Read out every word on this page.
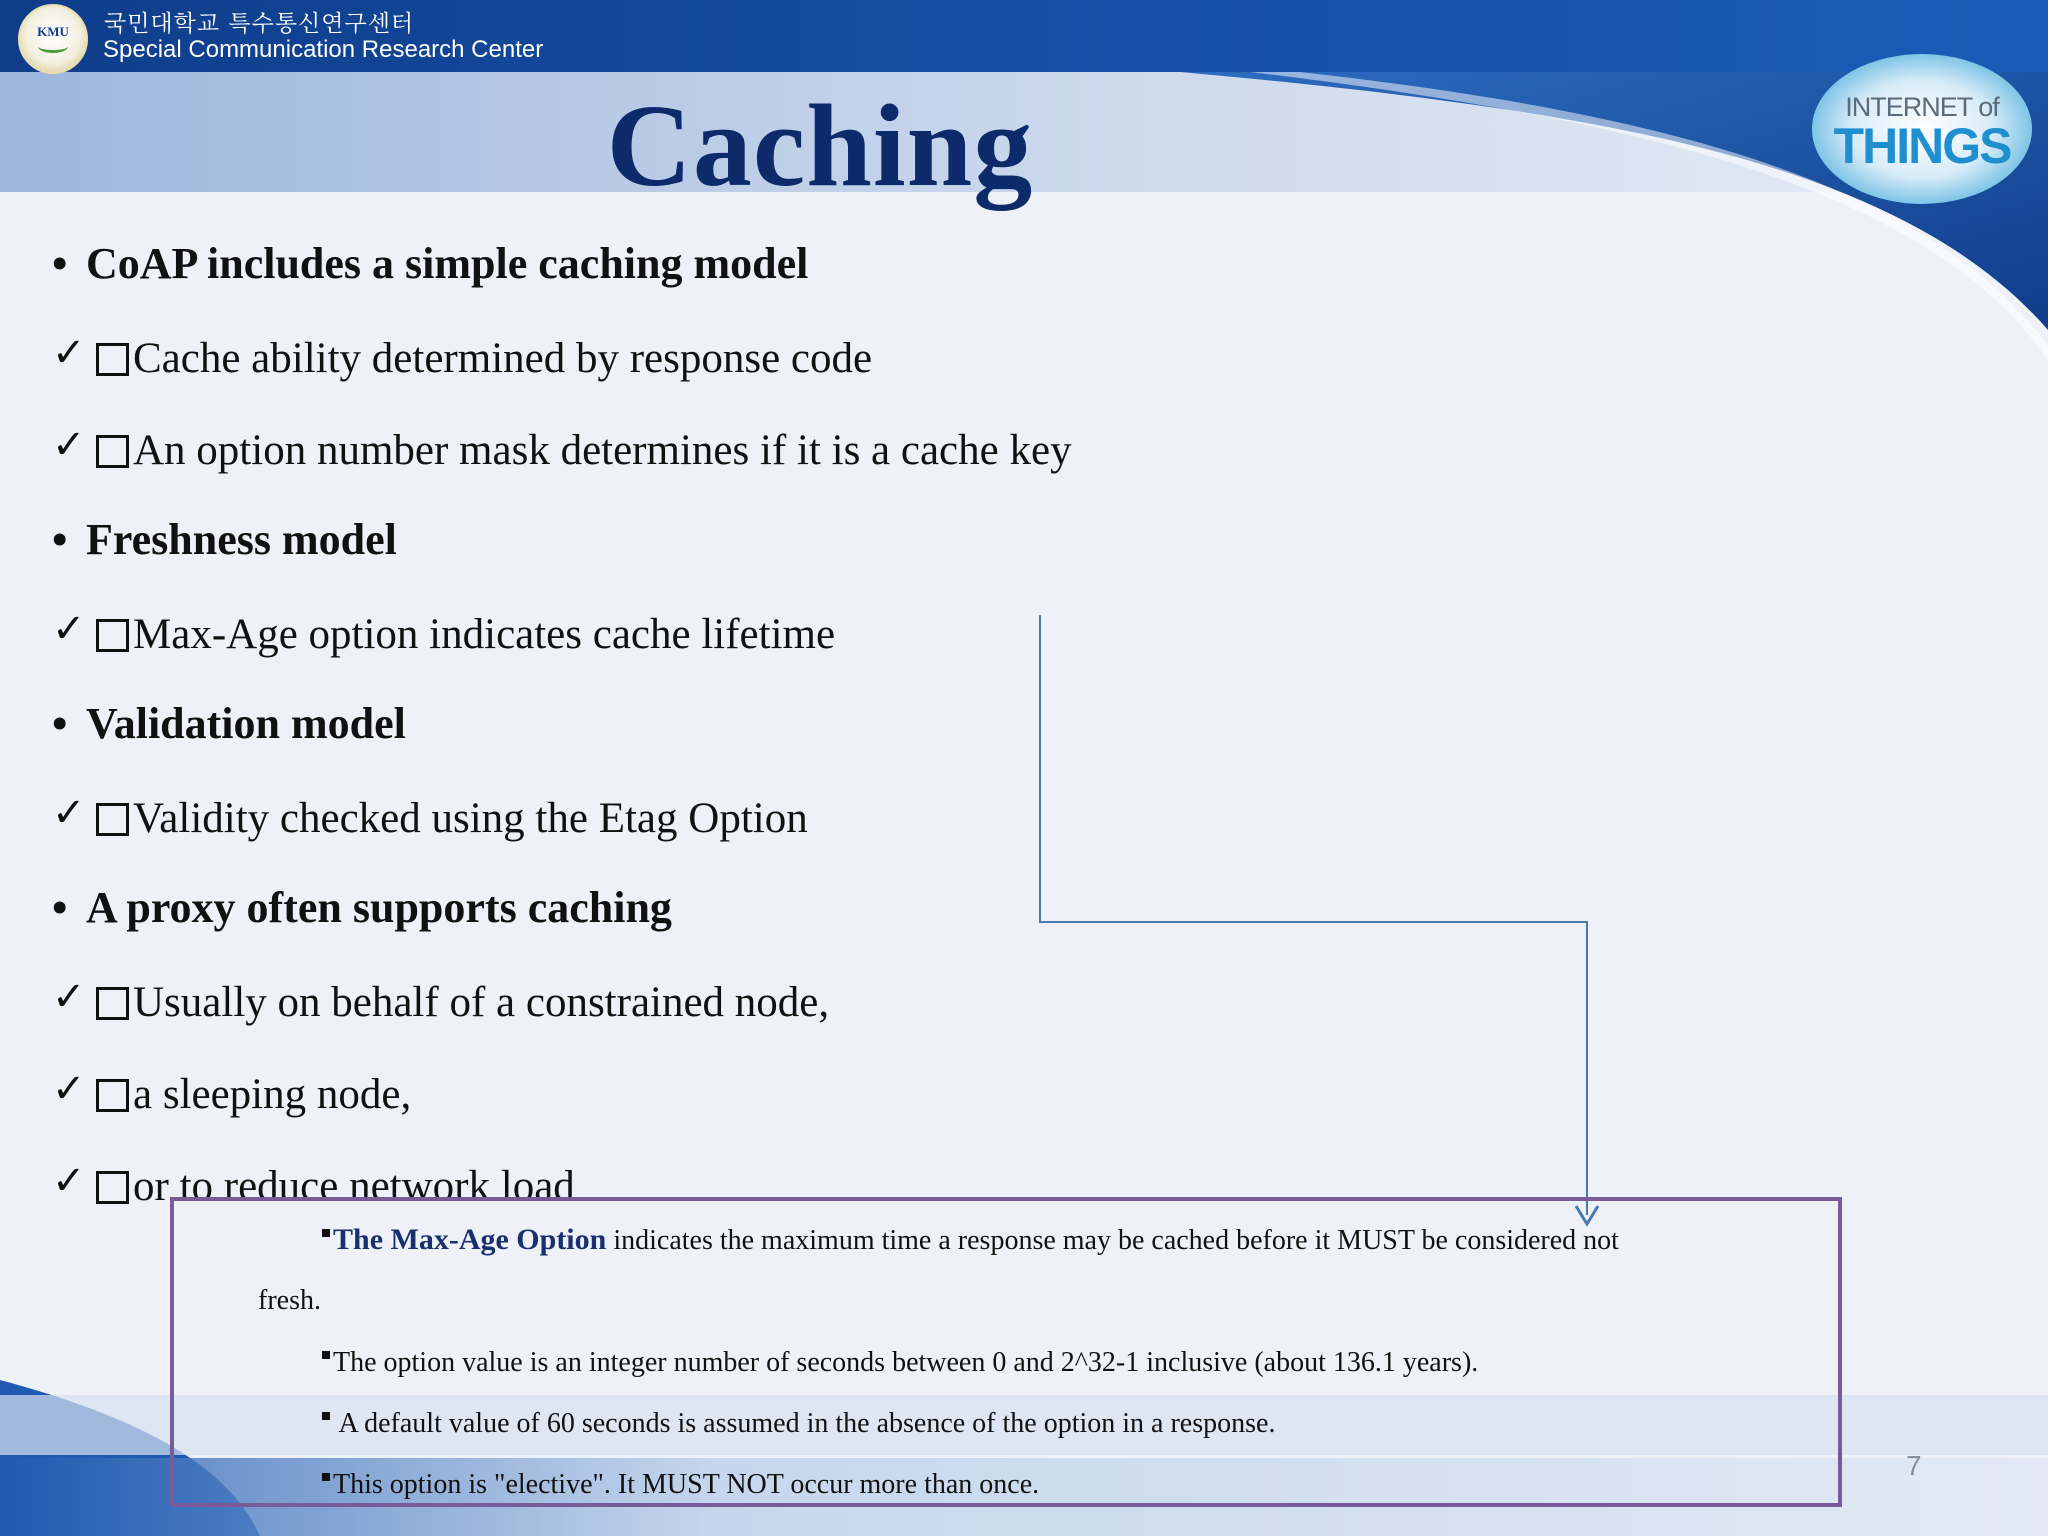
KMU 국민대학교 특수통신연구센터
Special Communication Research Center
Caching	INTERNET of
THINGS
• CoAP includes a simple caching model
✓ Cache ability determined by response code
✓ An option number mask determines if it is a cache key
• Freshness model
✓ Max-Age option indicates cache lifetime
• Validation model
✓ Validity checked using the Etag Option
• A proxy often supports caching
✓ Usually on behalf of a constrained node,
✓ a sleeping node,
✓ or to reduce network load
The Max-Age Option indicates the maximum time a response may be cached before it MUST be considered not
fresh.
The option value is an integer number of seconds between 0 and 2^32-1 inclusive (about 136.1 years).
A default value of 60 seconds is assumed in the absence of the option in a response.
This option is "elective". It MUST NOT occur more than once.
7
